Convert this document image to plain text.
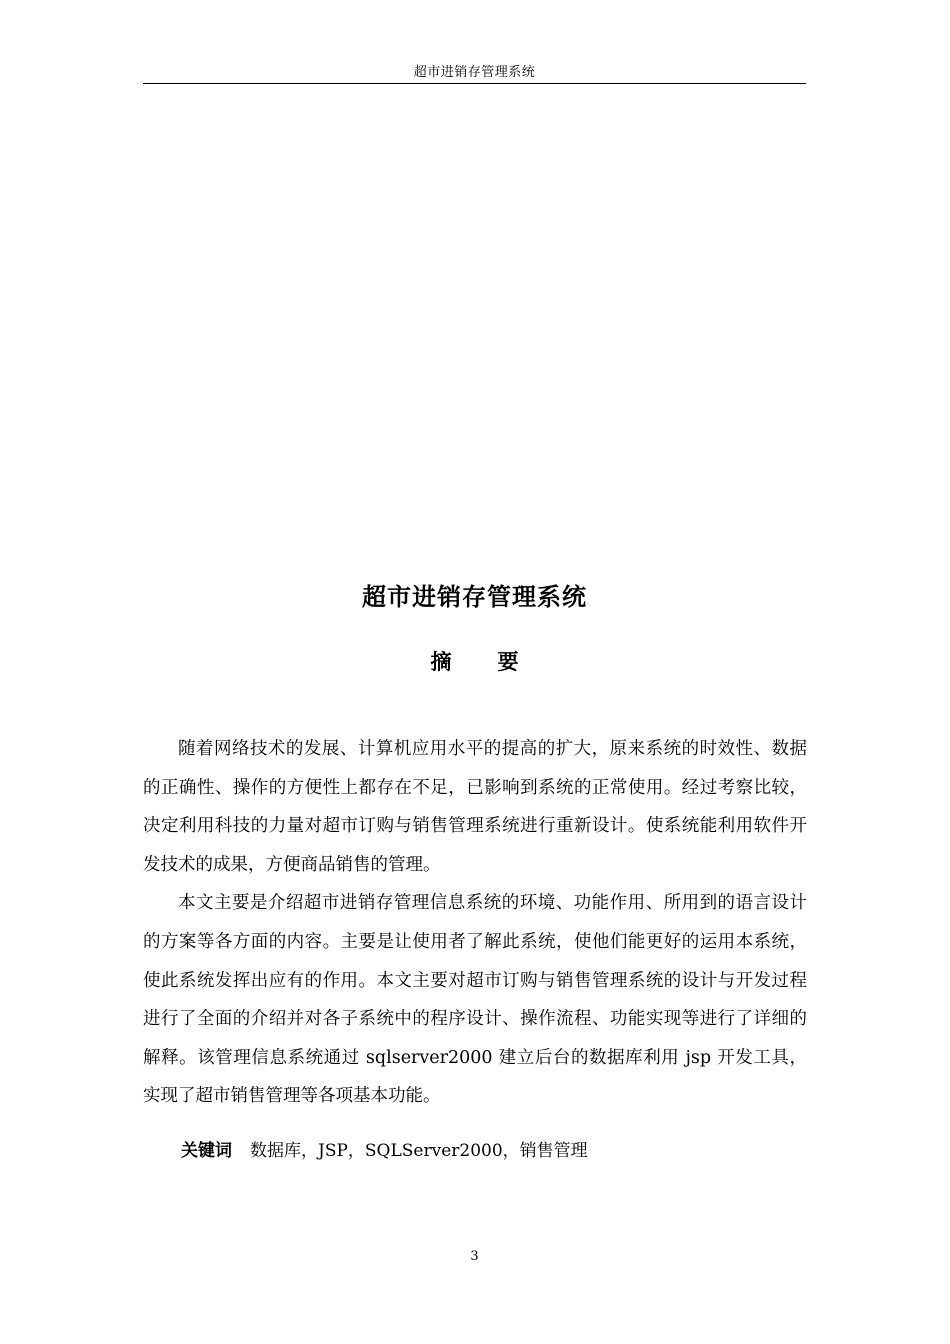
超市进销存管理系统
超市进销存管理系统
摘 要

随着网络技术的发展、计算机应用水平的提高的扩大，原来系统的时效性、数据的正确性、操作的方便性上都存在不足，已影响到系统的正常使用。经过考察比较，决定利用科技的力量对超市订购与销售管理系统进行重新设计。使系统能利用软件开发技术的成果，方便商品销售的管理。

本文主要是介绍超市进销存管理信息系统的环境、功能作用、所用到的语言设计的方案等各方面的内容。主要是让使用者了解此系统，使他们能更好的运用本系统，使此系统发挥出应有的作用。本文主要对超市订购与销售管理系统的设计与开发过程进行了全面的介绍并对各子系统中的程序设计、操作流程、功能实现等进行了详细的解释。该管理信息系统通过 sqlserver2000 建立后台的数据库利用 jsp 开发工具，实现了超市销售管理等各项基本功能。

关键词 数据库，JSP，SQLServer2000，销售管理
3
